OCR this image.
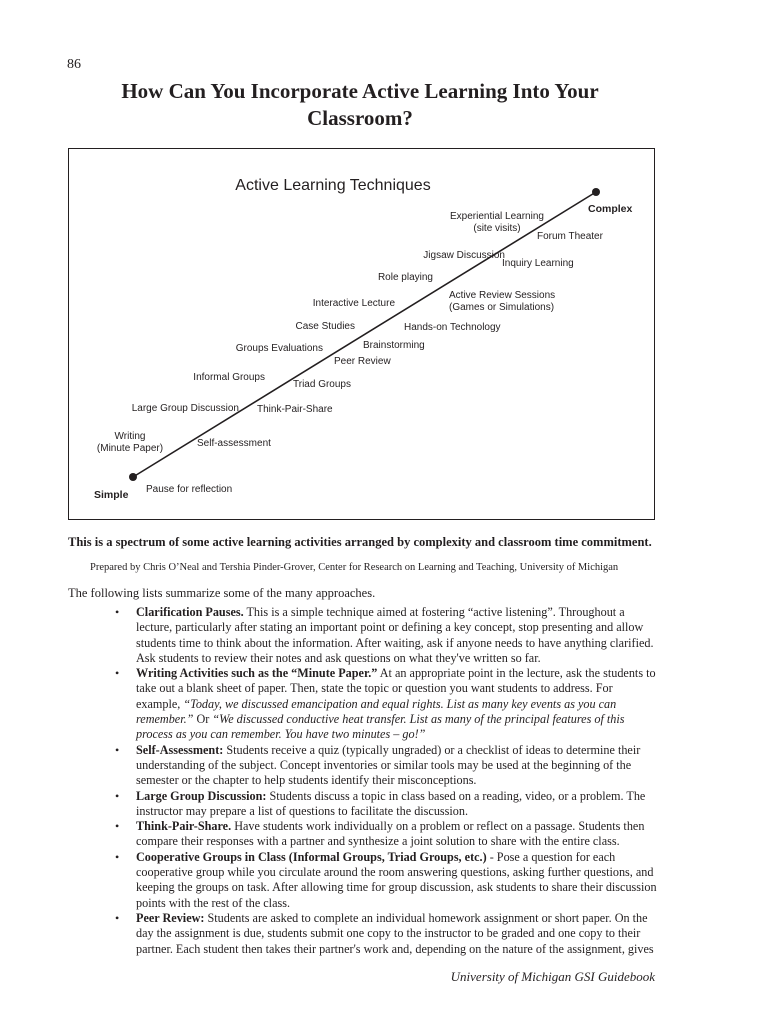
86
How Can You Incorporate Active Learning Into Your
Classroom?
Active Learning Techniques
Simple
Complex
Experiential Learning (site visits)
Jigsaw Discussion
Role playing
Interactive Lecture
Case Studies
Groups Evaluations
Informal Groups
Large Group Discussion
Writing (Minute Paper)
Forum Theater
Inquiry Learning
Active Review Sessions (Games or Simulations)
Hands-on Technology
Brainstorming
Peer Review
Triad Groups
Think-Pair-Share
Self-assessment
Pause for reflection

This is a spectrum of some active learning activities arranged by complexity and classroom time commitment.

Prepared by Chris O’Neal and Tershia Pinder-Grover, Center for Research on Learning and Teaching, University of Michigan

The following lists summarize some of the many approaches.

• Clarification Pauses. This is a simple technique aimed at fostering “active listening”. Throughout a lecture, particularly after stating an important point or defining a key concept, stop presenting and allow students time to think about the information. After waiting, ask if anyone needs to have anything clarified. Ask students to review their notes and ask questions on what they've written so far.
• Writing Activities such as the “Minute Paper.” At an appropriate point in the lecture, ask the students to take out a blank sheet of paper. Then, state the topic or question you want students to address. For example, “Today, we discussed emancipation and equal rights. List as many key events as you can remember.” Or “We discussed conductive heat transfer. List as many of the principal features of this process as you can remember. You have two minutes – go!”
• Self-Assessment: Students receive a quiz (typically ungraded) or a checklist of ideas to determine their understanding of the subject. Concept inventories or similar tools may be used at the beginning of the semester or the chapter to help students identify their misconceptions.
• Large Group Discussion: Students discuss a topic in class based on a reading, video, or a problem. The instructor may prepare a list of questions to facilitate the discussion.
• Think-Pair-Share. Have students work individually on a problem or reflect on a passage. Students then compare their responses with a partner and synthesize a joint solution to share with the entire class.
• Cooperative Groups in Class (Informal Groups, Triad Groups, etc.) - Pose a question for each cooperative group while you circulate around the room answering questions, asking further questions, and keeping the groups on task. After allowing time for group discussion, ask students to share their discussion points with the rest of the class.
• Peer Review: Students are asked to complete an individual homework assignment or short paper. On the day the assignment is due, students submit one copy to the instructor to be graded and one copy to their partner. Each student then takes their partner's work and, depending on the nature of the assignment, gives

University of Michigan GSI Guidebook
